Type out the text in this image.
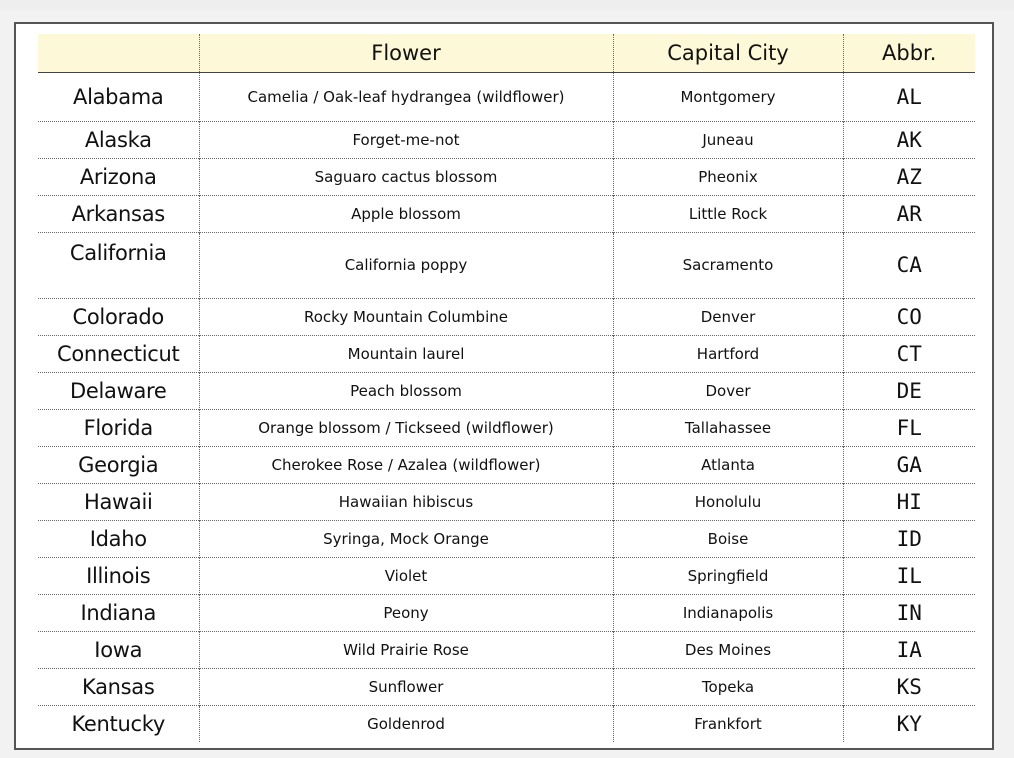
	Flower	Capital City	Abbr.
Alabama	Camelia / Oak-leaf hydrangea (wildflower)	Montgomery	AL
Alaska	Forget-me-not	Juneau	AK
Arizona	Saguaro cactus blossom	Pheonix	AZ
Arkansas	Apple blossom	Little Rock	AR
California	California poppy	Sacramento	CA
Colorado	Rocky Mountain Columbine	Denver	CO
Connecticut	Mountain laurel	Hartford	CT
Delaware	Peach blossom	Dover	DE
Florida	Orange blossom / Tickseed (wildflower)	Tallahassee	FL
Georgia	Cherokee Rose / Azalea (wildflower)	Atlanta	GA
Hawaii	Hawaiian hibiscus	Honolulu	HI
Idaho	Syringa, Mock Orange	Boise	ID
Illinois	Violet	Springfield	IL
Indiana	Peony	Indianapolis	IN
Iowa	Wild Prairie Rose	Des Moines	IA
Kansas	Sunflower	Topeka	KS
Kentucky	Goldenrod	Frankfort	KY
